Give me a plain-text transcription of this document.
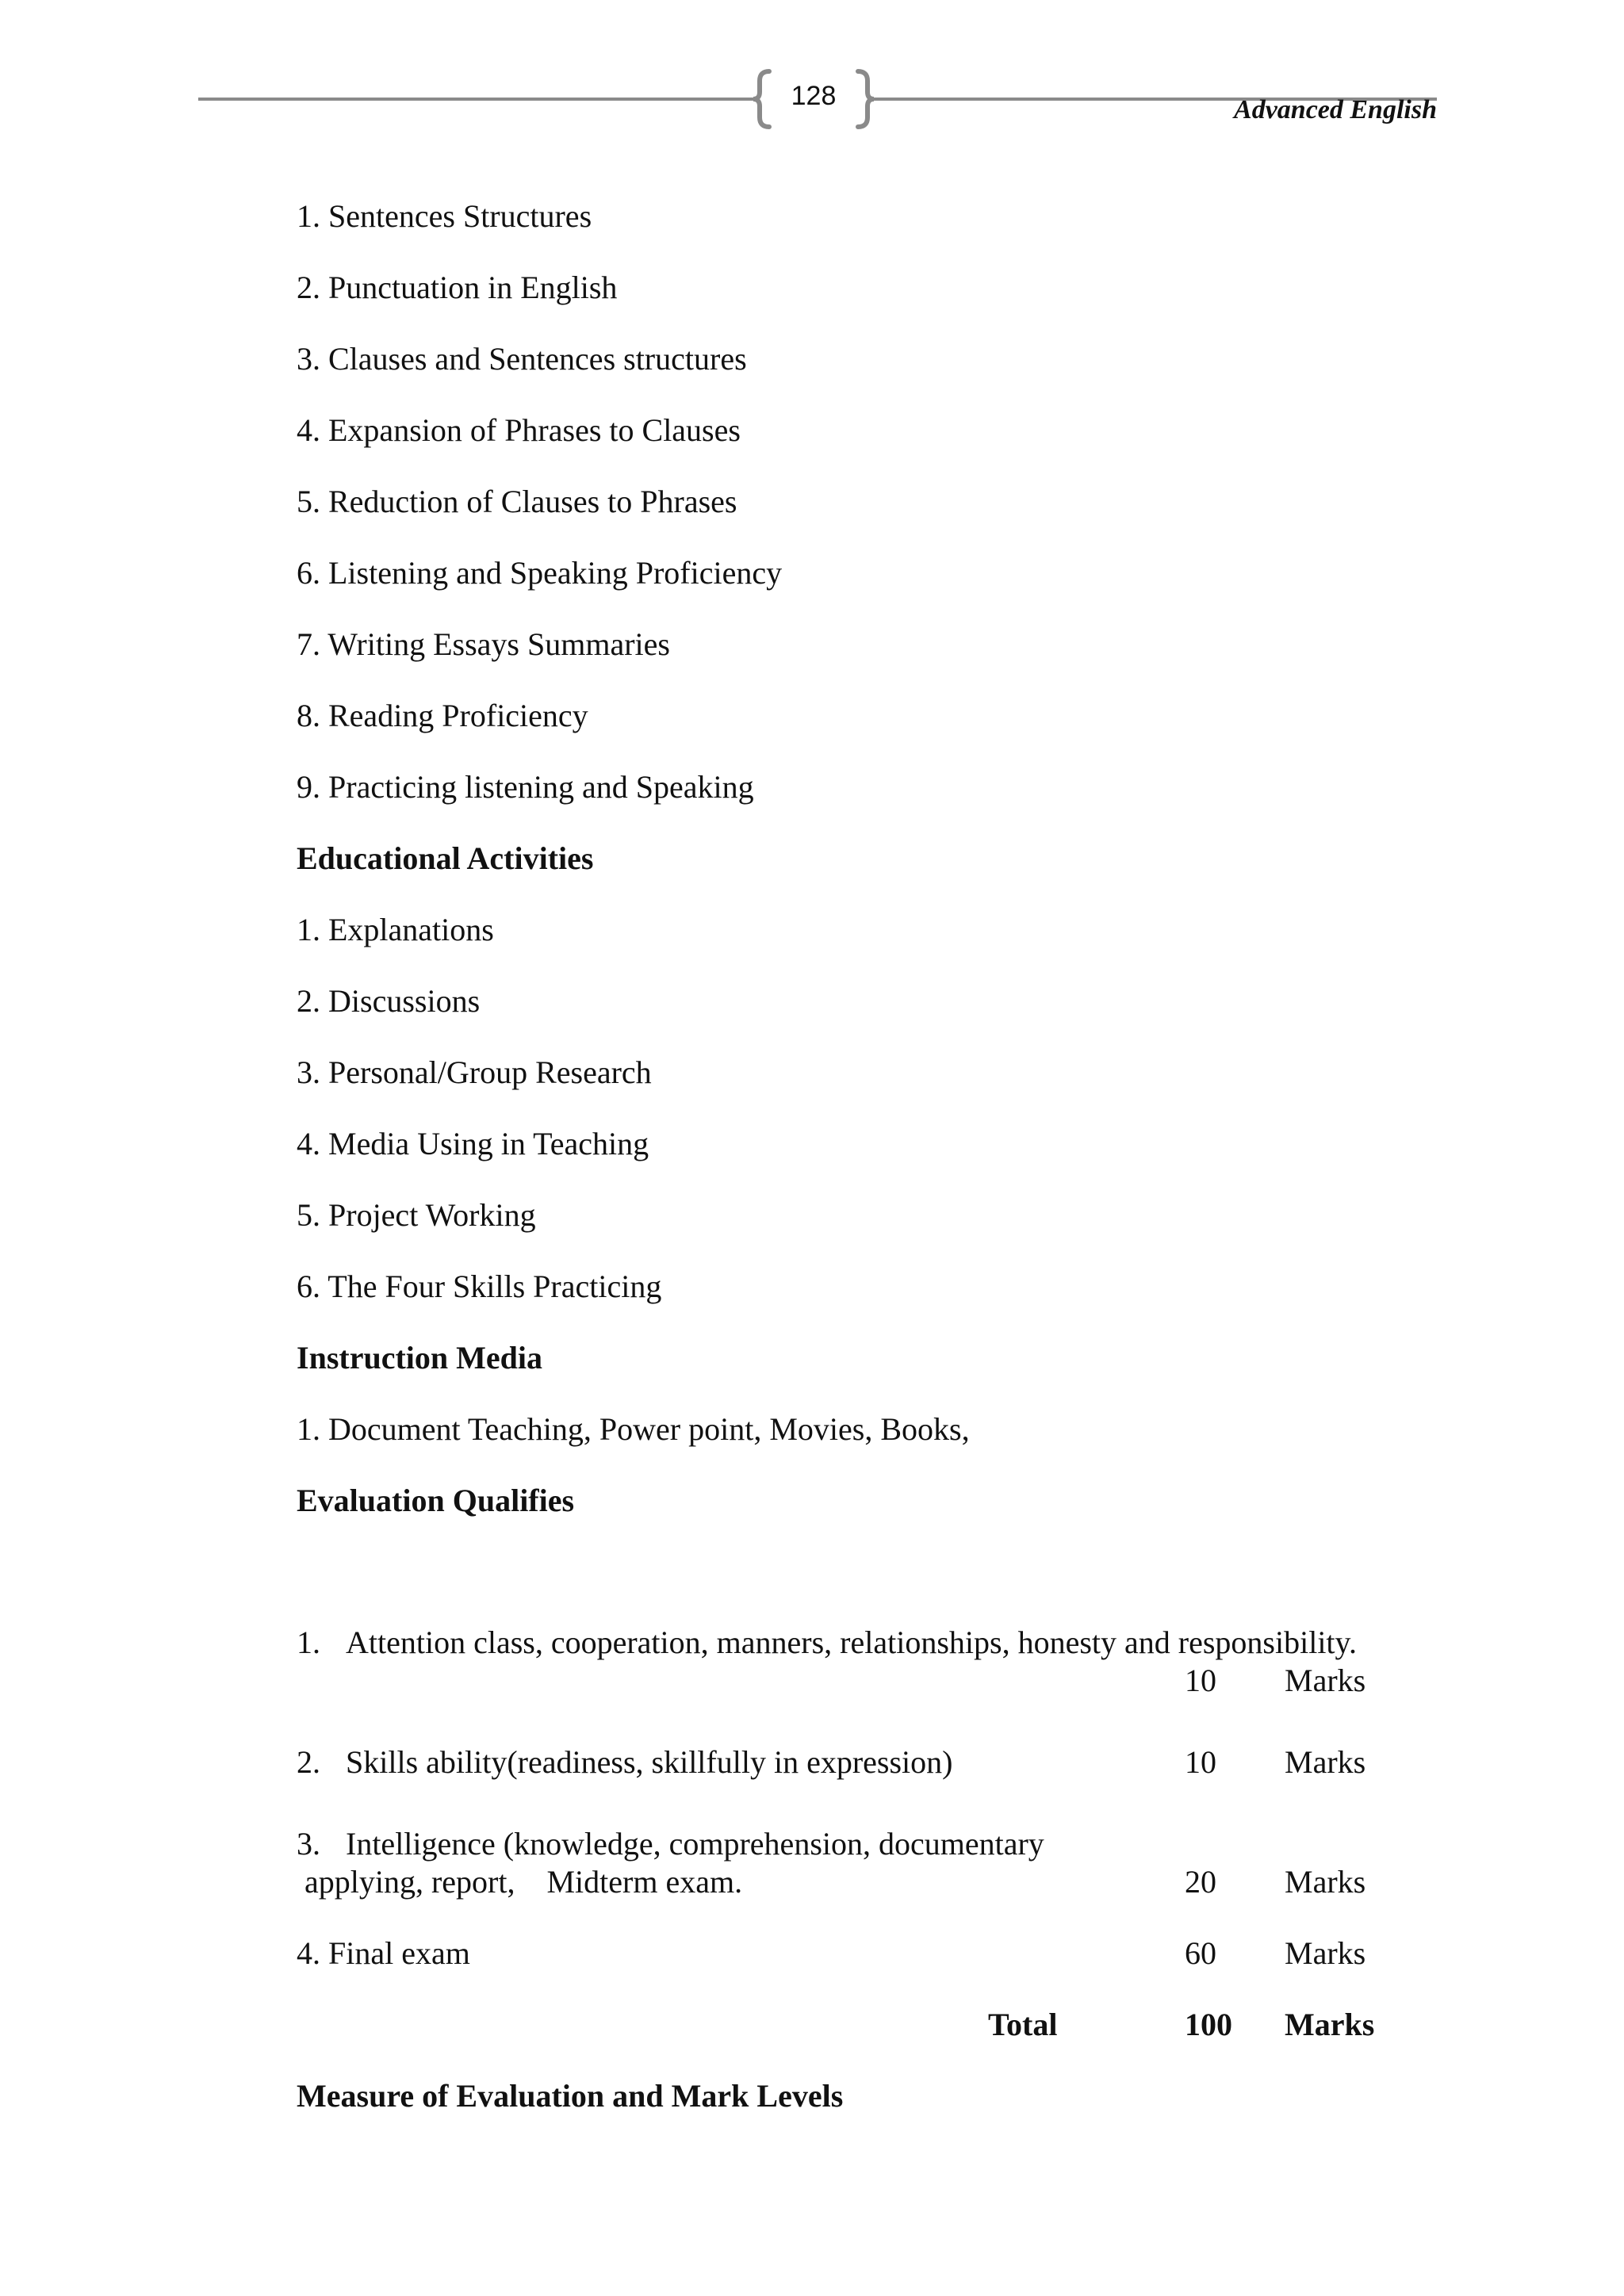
128	Advanced English
1. Sentences Structures
2. Punctuation in English
3. Clauses and Sentences structures
4. Expansion of Phrases to Clauses
5. Reduction of Clauses to Phrases
6. Listening and Speaking Proficiency
7. Writing Essays Summaries
8. Reading Proficiency
9. Practicing listening and Speaking
Educational Activities
1. Explanations
2. Discussions
3. Personal/Group Research
4. Media Using in Teaching
5. Project Working
6. The Four Skills Practicing
Instruction Media
1. Document Teaching, Power point, Movies, Books,
Evaluation Qualifies
1. Attention class, cooperation, manners, relationships, honesty and responsibility.
10 Marks
2. Skills ability(readiness, skillfully in expression)	10 Marks
3. Intelligence (knowledge, comprehension, documentary
applying, report,    Midterm exam.	20 Marks
4. Final exam	60 Marks
Total	100 Marks
Measure of Evaluation and Mark Levels
